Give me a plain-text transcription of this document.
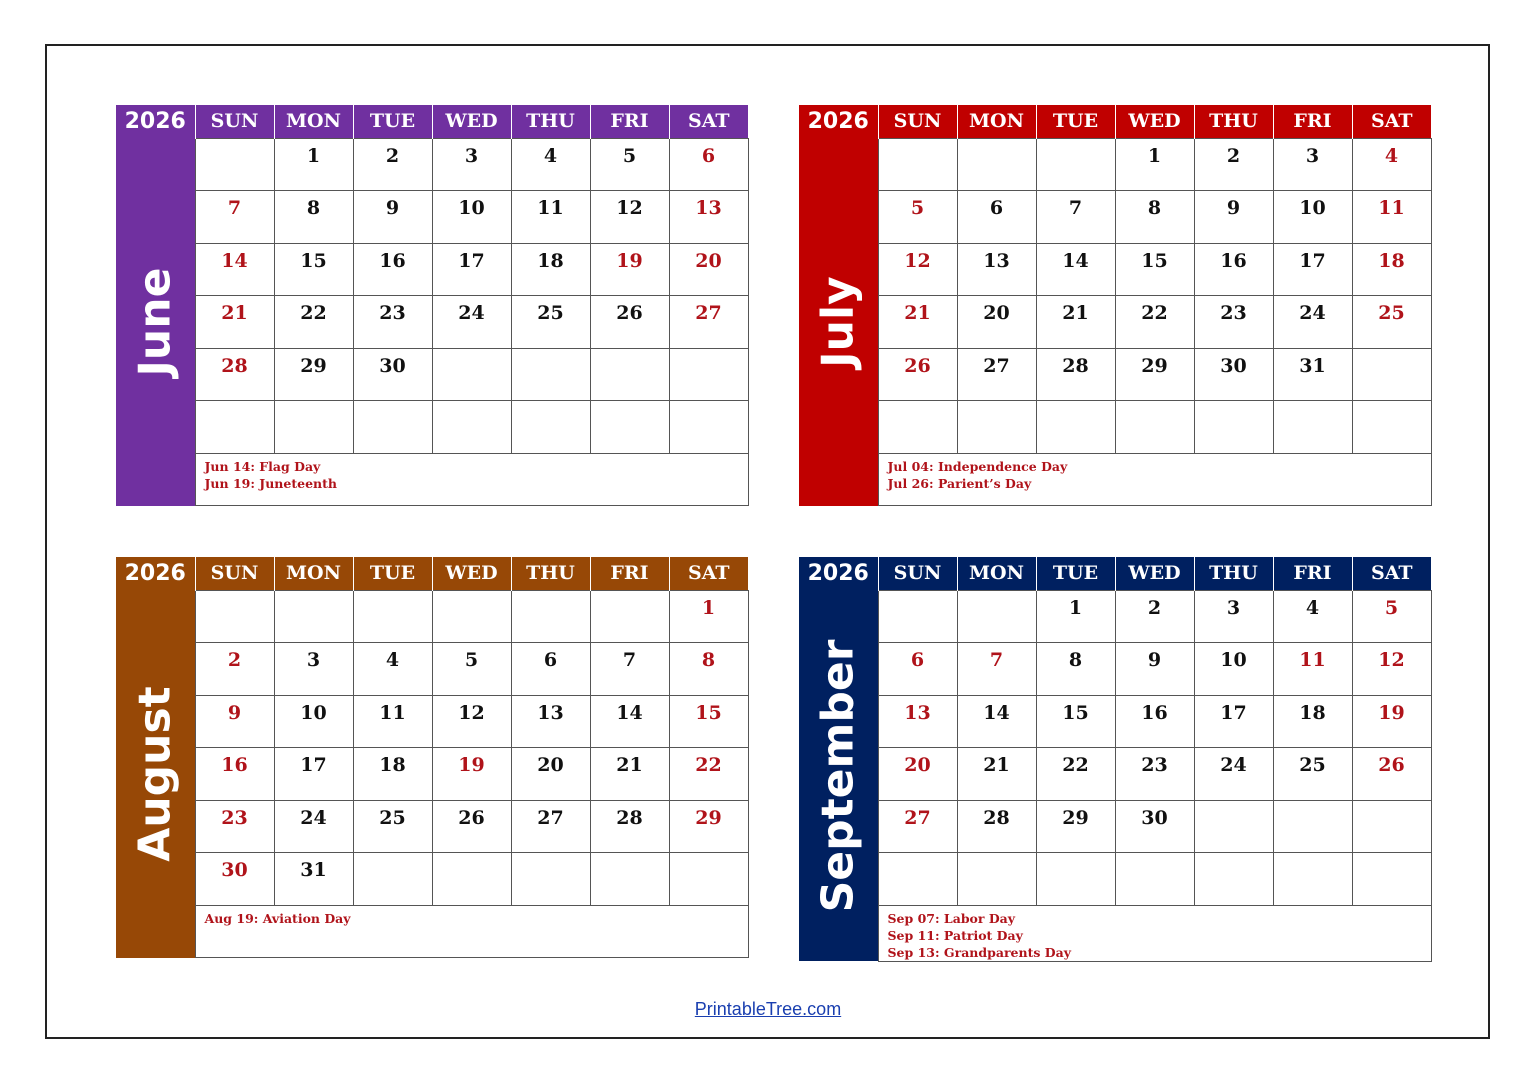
2026	SUN	MON	TUE	WED	THU	FRI	SAT

June		1	2	3	4	5	6
	7	8	9	10	11	12	13
	14	15	16	17	18	19	20
	21	22	23	24	25	26	27
	28	29	30				

	Jun 14: Flag Day
Jun 19: Juneteenth						
2026	SUN	MON	TUE	WED	THU	FRI	SAT

July				1	2	3	4
	5	6	7	8	9	10	11
	12	13	14	15	16	17	18
	21	20	21	22	23	24	25
	26	27	28	29	30	31	

	Jul 04: Independence Day
Jul 26: Parient’s Day						
2026	SUN	MON	TUE	WED	THU	FRI	SAT

August							1
	2	3	4	5	6	7	8
	9	10	11	12	13	14	15
	16	17	18	19	20	21	22
	23	24	25	26	27	28	29
	30	31					

	Aug 19: Aviation Day						
2026	SUN	MON	TUE	WED	THU	FRI	SAT

September			1	2	3	4	5
	6	7	8	9	10	11	12
	13	14	15	16	17	18	19
	20	21	22	23	24	25	26
	27	28	29	30			

	Sep 07: Labor Day
Sep 11: Patriot Day
Sep 13: Grandparents Day						
PrintableTree.com
